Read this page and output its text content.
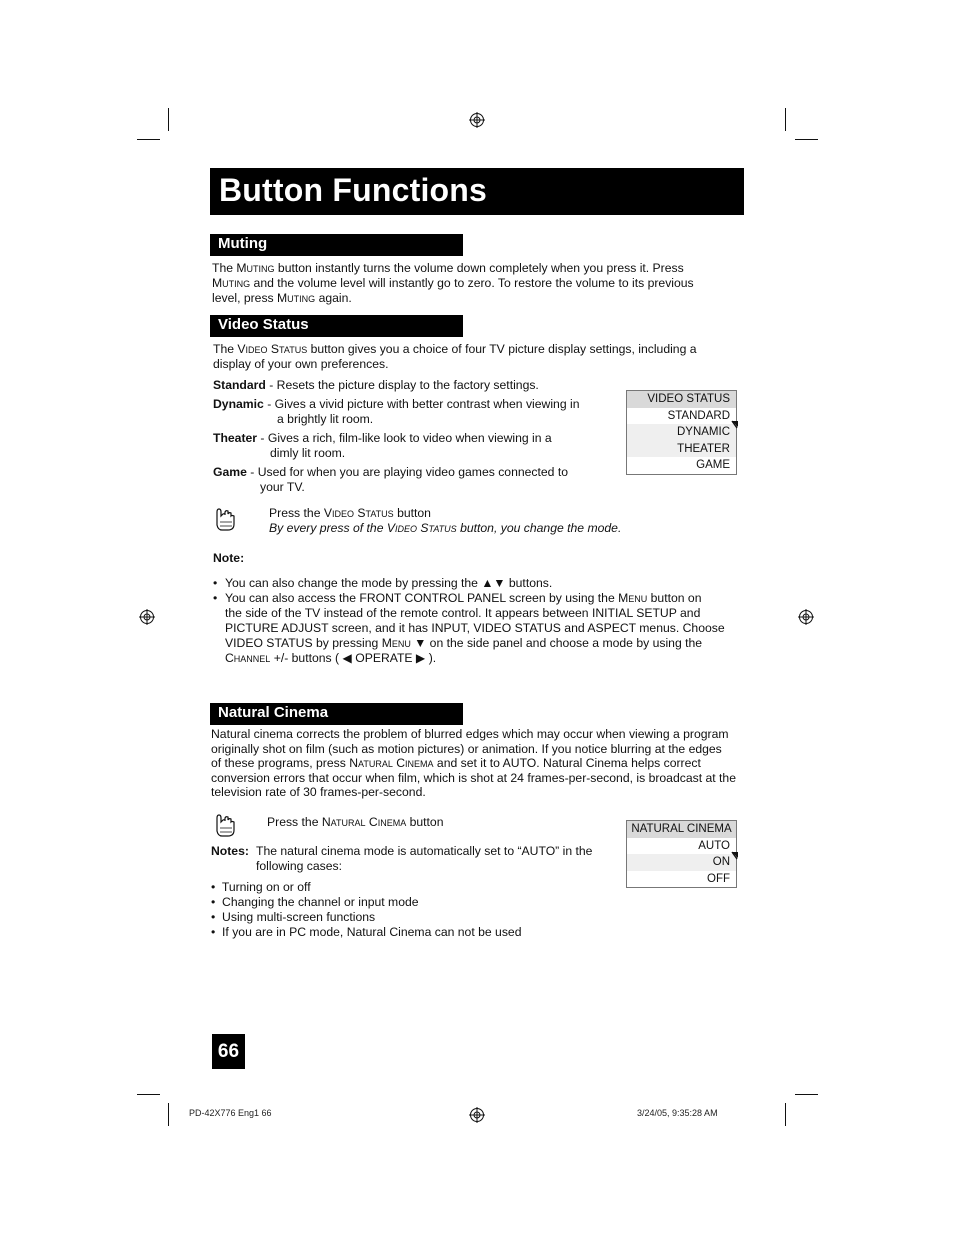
Button Functions
Muting
The Muting button instantly turns the volume down completely when you press it. Press
Muting and the volume level will instantly go to zero. To restore the volume to its previous
level, press Muting again.
Video Status
The Video Status button gives you a choice of four TV picture display settings, including a
display of your own preferences.
Standard - Resets the picture display to the factory settings.
Dynamic - Gives a vivid picture with better contrast when viewing in
a brightly lit room.
Theater - Gives a rich, film-like look to video when viewing in a
dimly lit room.
Game - Used for when you are playing video games connected to
your TV.
VIDEO STATUS
STANDARD
DYNAMIC
THEATER
GAME
Press the Video Status button
By every press of the Video Status button, you change the mode.
Note:
• You can also change the mode by pressing the ▲▼ buttons.
• You can also access the FRONT CONTROL PANEL screen by using the Menu button on
the side of the TV instead of the remote control. It appears between INITIAL SETUP and
PICTURE ADJUST screen, and it has INPUT, VIDEO STATUS and ASPECT menus. Choose
VIDEO STATUS by pressing Menu ▼ on the side panel and choose a mode by using the
Channel +/- buttons ( ◀ OPERATE ▶ ).
Natural Cinema
Natural cinema corrects the problem of blurred edges which may occur when viewing a program
originally shot on film (such as motion pictures) or animation. If you notice blurring at the edges
of these programs, press Natural Cinema and set it to AUTO. Natural Cinema helps correct
conversion errors that occur when film, which is shot at 24 frames-per-second, is broadcast at the
television rate of 30 frames-per-second.
Press the Natural Cinema button
Notes: The natural cinema mode is automatically set to “AUTO” in the
following cases:
•  Turning on or off
•  Changing the channel or input mode
•  Using multi-screen functions
•  If you are in PC mode, Natural Cinema can not be used
NATURAL CINEMA
AUTO
ON
OFF
66
PD-42X776 Eng1 66	3/24/05, 9:35:28 AM
